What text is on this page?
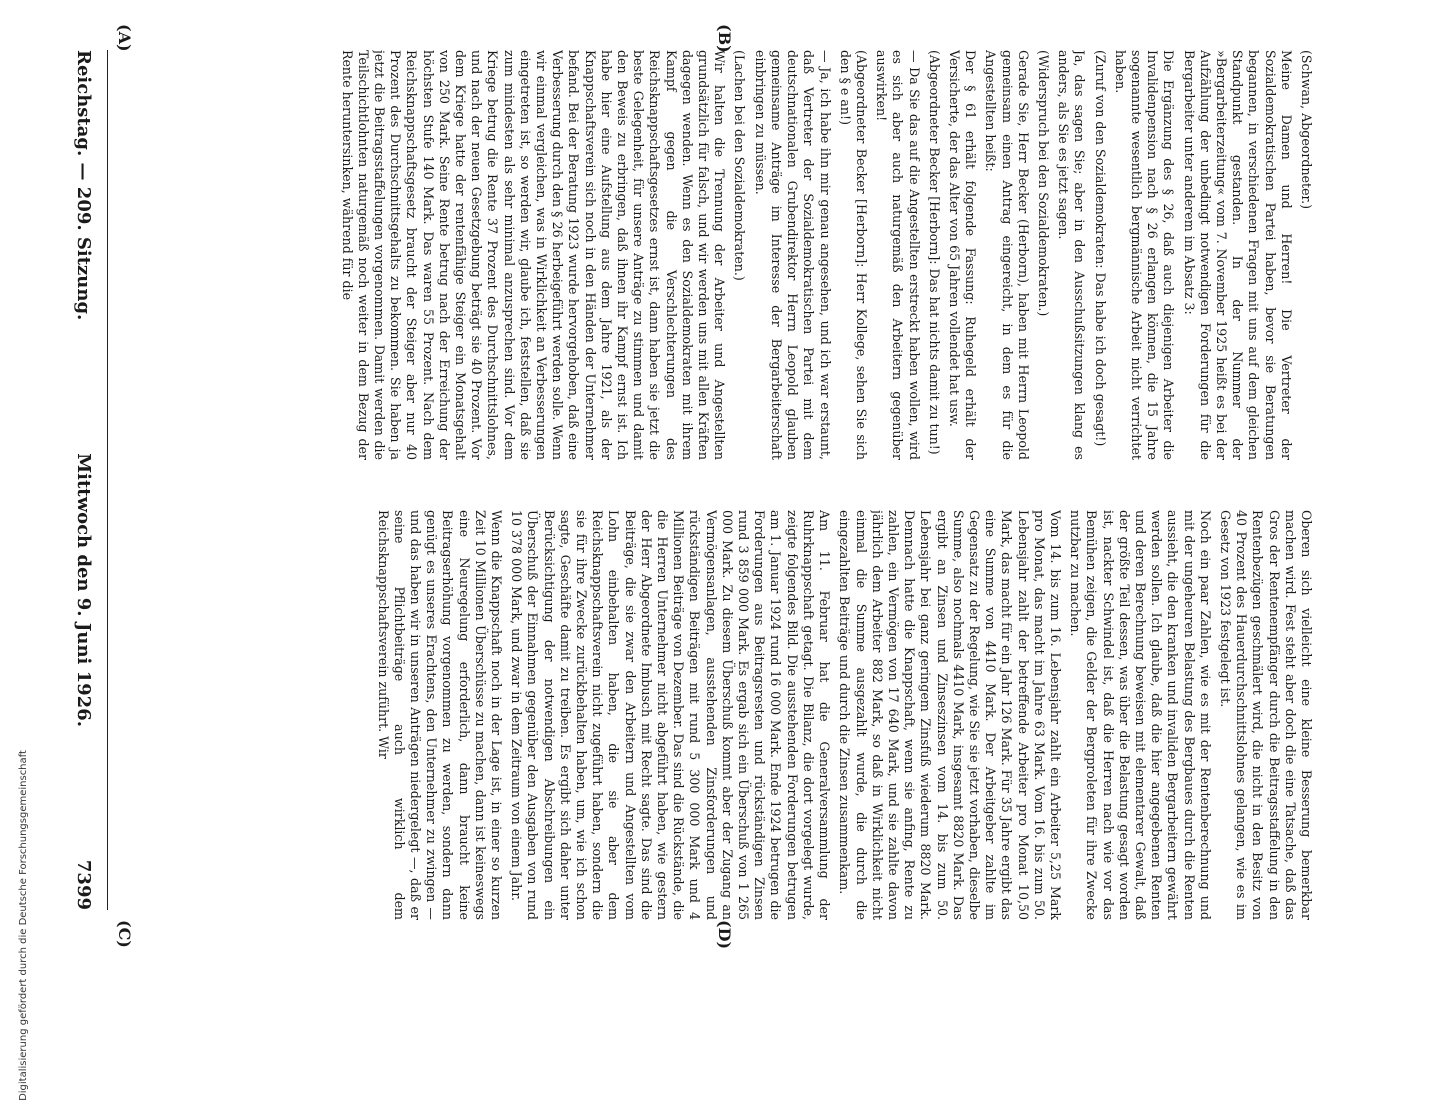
Reichstag. — 209. Sitzung.
Mittwoch den 9. Juni 1926.
7399
(A)	(B)
(C)	(D)

(Schwan, Abgeordneter.)

Meine Damen und Herren! Die Vertreter der Sozialdemokratischen Partei haben, bevor sie Beratungen begannen, in verschiedenen Fragen mit uns auf dem gleichen Standpunkt gestanden. In der Nummer der »Bergarbeiterzeitung« vom 7. November 1925 heißt es bei der Aufzählung der unbedingt notwendigen Forderungen für die Bergarbeiter unter anderem im Absatz 3:

Die Ergänzung des § 26, daß auch diejenigen Arbeiter die Invalidenpension nach § 26 erlangen können, die 15 Jahre sogenannte wesentlich bergmännische Arbeit nicht verrichtet haben.

(Zuruf von den Sozialdemokraten: Das habe ich doch gesagt!)

Ja, das sagen Sie; aber in den Ausschußsitzungen klang es anders, als Sie es jetzt sagen.

(Widerspruch bei den Sozialdemokraten.)

Gerade Sie, Herr Becker (Herborn), haben mit Herrn Leopold gemeinsam einen Antrag eingereicht, in dem es für die Angestellten heißt:

Der § 61 erhält folgende Fassung: Ruhegeld erhält der Versicherte, der das Alter von 65 Jahren vollendet hat usw.

(Abgeordneter Becker [Herborn]: Das hat nichts damit zu tun!)

— Da Sie das auf die Angestellten erstreckt haben wollen, wird es sich aber auch naturgemäß den Arbeitern gegenüber auswirken!

(Abgeordneter Becker [Herborn]: Herr Kollege, sehen Sie sich den § e an!)

— Ja, ich habe ihn mir genau angesehen, und ich war erstaunt, daß Vertreter der Sozialdemokratischen Partei mit dem deutschnationalen Grubendirektor Herrn Leopold glauben gemeinsame Anträge im Interesse der Bergarbeiterschaft einbringen zu müssen.

(Lachen bei den Sozialdemokraten.)

Wir halten die Trennung der Arbeiter und Angestellten grundsätzlich für falsch, und wir werden uns mit allen Kräften dagegen wenden. Wenn es den Sozialdemokraten mit ihrem Kampf gegen die Verschlechterungen des Reichsknappschaftsgesetzes ernst ist, dann haben sie jetzt die beste Gelegenheit, für unsere Anträge zu stimmen und damit den Beweis zu erbringen, daß ihnen ihr Kampf ernst ist. Ich habe hier eine Aufstellung aus dem Jahre 1921, als der Knappschaftsverein sich noch in den Händen der Unternehmer befand. Bei der Beratung 1923 wurde hervorgehoben, daß eine Verbesserung durch den § 26 herbeigeführt werden solle. Wenn wir einmal vergleichen, was in Wirklichkeit an Verbesserungen eingetreten ist, so werden wir, glaube ich, feststellen, daß sie zum mindesten als sehr minimal anzusprechen sind. Vor dem Kriege betrug die Rente 37 Prozent des Durchschnittslohnes, und nach der neuen Gesetzgebung beträgt sie 40 Prozent. Vor dem Kriege hatte der rentenfähige Steiger ein Monatsgehalt von 250 Mark. Seine Rente betrug nach der Erreichung der höchsten Stufe 140 Mark. Das waren 55 Prozent. Nach dem Reichsknappschaftsgesetz braucht der Steiger aber nur 40 Prozent des Durchschnittsgehalts zu bekommen. Sie haben ja jetzt die Beitragsstaffelungen vorgenommen. Damit werden die Teilschichtlohnten naturgemäß noch weiter in dem Bezug der Rente heruntersinken, während für die

Oberen sich vielleicht eine kleine Besserung bemerkbar machen wird. Fest steht aber doch die eine Tatsache, daß das Gros der Rentenempfänger durch die Beitragsstaffelung in den Rentenbezügen geschmälert wird, die nicht in den Besitz von 40 Prozent des Hauerdurchschnittslohnes gelangen, wie es im Gesetz von 1923 festgelegt ist.

Noch ein paar Zahlen, wie es mit der Rentenberechnung und mit der ungeheuren Belastung des Bergbaues durch die Renten aussieht, die den kranken und invaliden Bergarbeitern gewährt werden sollen. Ich glaube, daß die hier angegebenen Renten und deren Berechnung beweisen mit elementarer Gewalt, daß der größte Teil dessen, was über die Belastung gesagt worden ist, nackter Schwindel ist, daß die Herren nach wie vor das Bemühen zeigen, die Gelder der Bergproleten für ihre Zwecke nutzbar zu machen.

Vom 14. bis zum 16. Lebensjahr zahlt ein Arbeiter 5,25 Mark pro Monat, das macht im Jahre 63 Mark. Vom 16. bis zum 50. Lebensjahr zahlt der betreffende Arbeiter pro Monat 10,50 Mark, das macht für ein Jahr 126 Mark. Für 35 Jahre ergibt das eine Summe von 4410 Mark. Der Arbeitgeber zahlte im Gegensatz zu der Regelung, wie Sie sie jetzt vorhaben, dieselbe Summe, also nochmals 4410 Mark, insgesamt 8820 Mark. Das ergibt an Zinsen und Zinseszinsen vom 14. bis zum 50. Lebensjahr bei ganz geringem Zinsfuß wiederum 8820 Mark. Demnach hatte die Knappschaft, wenn sie anfing, Rente zu zahlen, ein Vermögen von 17 640 Mark, und sie zahlte davon jährlich dem Arbeiter 882 Mark, so daß in Wirklichkeit nicht einmal die Summe ausgezahlt wurde, die durch die eingezahlten Beiträge und durch die Zinsen zusammenkam.

Am 11. Februar hat die Generalversammlung der Ruhrknappschaft getagt. Die Bilanz, die dort vorgelegt wurde, zeigte folgendes Bild. Die ausstehenden Forderungen betrugen am 1. Januar 1924 rund 16 000 Mark. Ende 1924 betrugen die Forderungen aus Beitragsresten und rückständigen Zinsen rund 3 859 000 Mark. Es ergab sich ein Überschuß von 1 265 000 Mark. Zu diesem Überschuß kommt aber der Zugang an Vermögensanlagen, ausstehenden Zinsforderungen und rückständigen Beiträgen mit rund 5 300 000 Mark und 4 Millionen Beiträge von Dezember. Das sind die Rückstände, die die Herren Unternehmer nicht abgeführt haben, wie gestern der Herr Abgeordnete Imbusch mit Recht sagte. Das sind die Beiträge, die sie zwar den Arbeitern und Angestellten vom Lohn einbehalten haben, die sie aber dem Reichsknappschaftsverein nicht zugeführt haben, sondern die sie für ihre Zwecke zurückbehalten haben, um, wie ich schon sagte, Geschäfte damit zu treiben. Es ergibt sich daher unter Berücksichtigung der notwendigen Abschreibungen ein Überschuß der Einnahmen gegenüber den Ausgaben von rund 10 378 000 Mark, und zwar in dem Zeitraum von einem Jahr.

Wenn die Knappschaft noch in der Lage ist, in einer so kurzen Zeit 10 Millionen Überschüsse zu machen, dann ist keineswegs eine Neuregelung erforderlich, dann braucht keine Beitragserhöhung vorgenommen zu werden, sondern dann genügt es unseres Erachtens, den Unternehmer zu zwingen — und das haben wir in unseren Anträgen niedergelegt —, daß er seine Pflichtbeiträge auch wirklich dem Reichsknappschaftsverein zuführt. Wir

Digitalisierung gefördert durch die Deutsche Forschungsgemeinschaft
